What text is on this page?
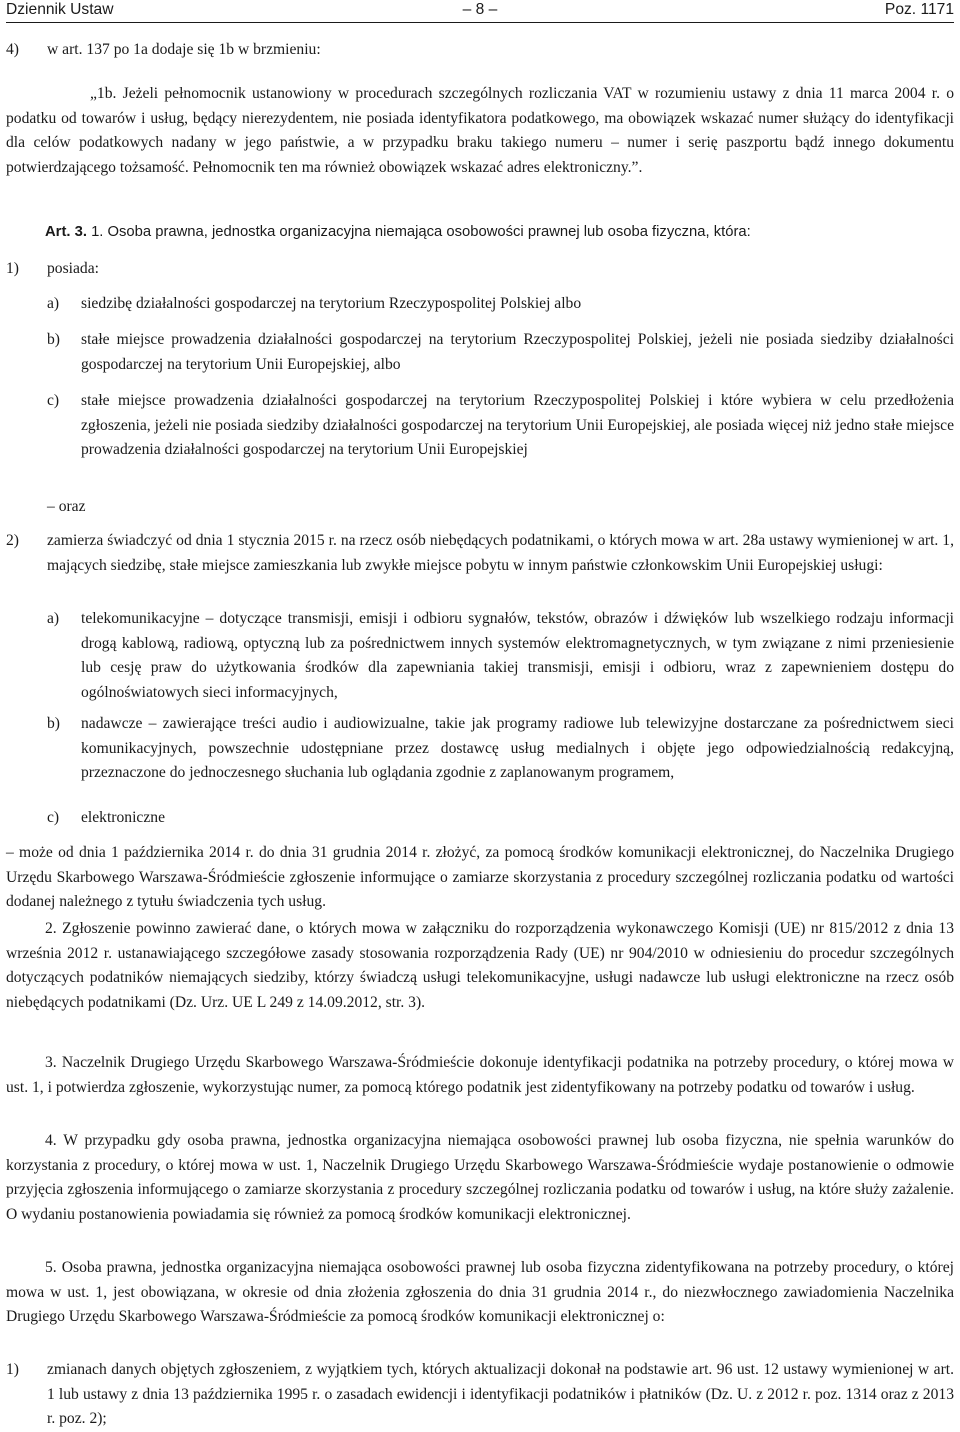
Dziennik Ustaw	– 8 –	Poz. 1171
4) w art. 137 po 1a dodaje się 1b w brzmieniu:

„1b. Jeżeli pełnomocnik ustanowiony w procedurach szczególnych rozliczania VAT w rozumieniu ustawy z dnia 11 marca 2004 r. o podatku od towarów i usług, będący nierezydentem, nie posiada identyfikatora podatkowego, ma obowiązek wskazać numer służący do identyfikacji dla celów podatkowych nadany w jego państwie, a w przypadku braku takiego numeru – numer i serię paszportu bądź innego dokumentu potwierdzającego tożsamość. Pełnomocnik ten ma również obowiązek wskazać adres elektroniczny.”.

Art. 3. 1. Osoba prawna, jednostka organizacyjna niemająca osobowości prawnej lub osoba fizyczna, która:

1) posiada:

a) siedzibę działalności gospodarczej na terytorium Rzeczypospolitej Polskiej albo

b) stałe miejsce prowadzenia działalności gospodarczej na terytorium Rzeczypospolitej Polskiej, jeżeli nie posiada siedziby działalności gospodarczej na terytorium Unii Europejskiej, albo

c) stałe miejsce prowadzenia działalności gospodarczej na terytorium Rzeczypospolitej Polskiej i które wybiera w celu przedłożenia zgłoszenia, jeżeli nie posiada siedziby działalności gospodarczej na terytorium Unii Europejskiej, ale posiada więcej niż jedno stałe miejsce prowadzenia działalności gospodarczej na terytorium Unii Europejskiej

– oraz

2) zamierza świadczyć od dnia 1 stycznia 2015 r. na rzecz osób niebędących podatnikami, o których mowa w art. 28a ustawy wymienionej w art. 1, mających siedzibę, stałe miejsce zamieszkania lub zwykłe miejsce pobytu w innym państwie członkowskim Unii Europejskiej usługi:

a) telekomunikacyjne – dotyczące transmisji, emisji i odbioru sygnałów, tekstów, obrazów i dźwięków lub wszelkiego rodzaju informacji drogą kablową, radiową, optyczną lub za pośrednictwem innych systemów elektromagnetycznych, w tym związane z nimi przeniesienie lub cesję praw do użytkowania środków dla zapewniania takiej transmisji, emisji i odbioru, wraz z zapewnieniem dostępu do ogólnoświatowych sieci informacyjnych,

b) nadawcze – zawierające treści audio i audiowizualne, takie jak programy radiowe lub telewizyjne dostarczane za pośrednictwem sieci komunikacyjnych, powszechnie udostępniane przez dostawcę usług medialnych i objęte jego odpowiedzialnością redakcyjną, przeznaczone do jednoczesnego słuchania lub oglądania zgodnie z zaplanowanym programem,

c) elektroniczne

– może od dnia 1 października 2014 r. do dnia 31 grudnia 2014 r. złożyć, za pomocą środków komunikacji elektronicznej, do Naczelnika Drugiego Urzędu Skarbowego Warszawa-Śródmieście zgłoszenie informujące o zamiarze skorzystania z procedury szczególnej rozliczania podatku od wartości dodanej należnego z tytułu świadczenia tych usług.

2. Zgłoszenie powinno zawierać dane, o których mowa w załączniku do rozporządzenia wykonawczego Komisji (UE) nr 815/2012 z dnia 13 września 2012 r. ustanawiającego szczegółowe zasady stosowania rozporządzenia Rady (UE) nr 904/2010 w odniesieniu do procedur szczególnych dotyczących podatników niemających siedziby, którzy świadczą usługi telekomunikacyjne, usługi nadawcze lub usługi elektroniczne na rzecz osób niebędących podatnikami (Dz. Urz. UE L 249 z 14.09.2012, str. 3).

3. Naczelnik Drugiego Urzędu Skarbowego Warszawa-Śródmieście dokonuje identyfikacji podatnika na potrzeby procedury, o której mowa w ust. 1, i potwierdza zgłoszenie, wykorzystując numer, za pomocą którego podatnik jest zidentyfikowany na potrzeby podatku od towarów i usług.

4. W przypadku gdy osoba prawna, jednostka organizacyjna niemająca osobowości prawnej lub osoba fizyczna, nie spełnia warunków do korzystania z procedury, o której mowa w ust. 1, Naczelnik Drugiego Urzędu Skarbowego Warszawa-Śródmieście wydaje postanowienie o odmowie przyjęcia zgłoszenia informującego o zamiarze skorzystania z procedury szczególnej rozliczania podatku od towarów i usług, na które służy zażalenie. O wydaniu postanowienia powiadamia się również za pomocą środków komunikacji elektronicznej.

5. Osoba prawna, jednostka organizacyjna niemająca osobowości prawnej lub osoba fizyczna zidentyfikowana na potrzeby procedury, o której mowa w ust. 1, jest obowiązana, w okresie od dnia złożenia zgłoszenia do dnia 31 grudnia 2014 r., do niezwłocznego zawiadomienia Naczelnika Drugiego Urzędu Skarbowego Warszawa-Śródmieście za pomocą środków komunikacji elektronicznej o:

1) zmianach danych objętych zgłoszeniem, z wyjątkiem tych, których aktualizacji dokonał na podstawie art. 96 ust. 12 ustawy wymienionej w art. 1 lub ustawy z dnia 13 października 1995 r. o zasadach ewidencji i identyfikacji podatników i płatników (Dz. U. z 2012 r. poz. 1314 oraz z 2013 r. poz. 2);
